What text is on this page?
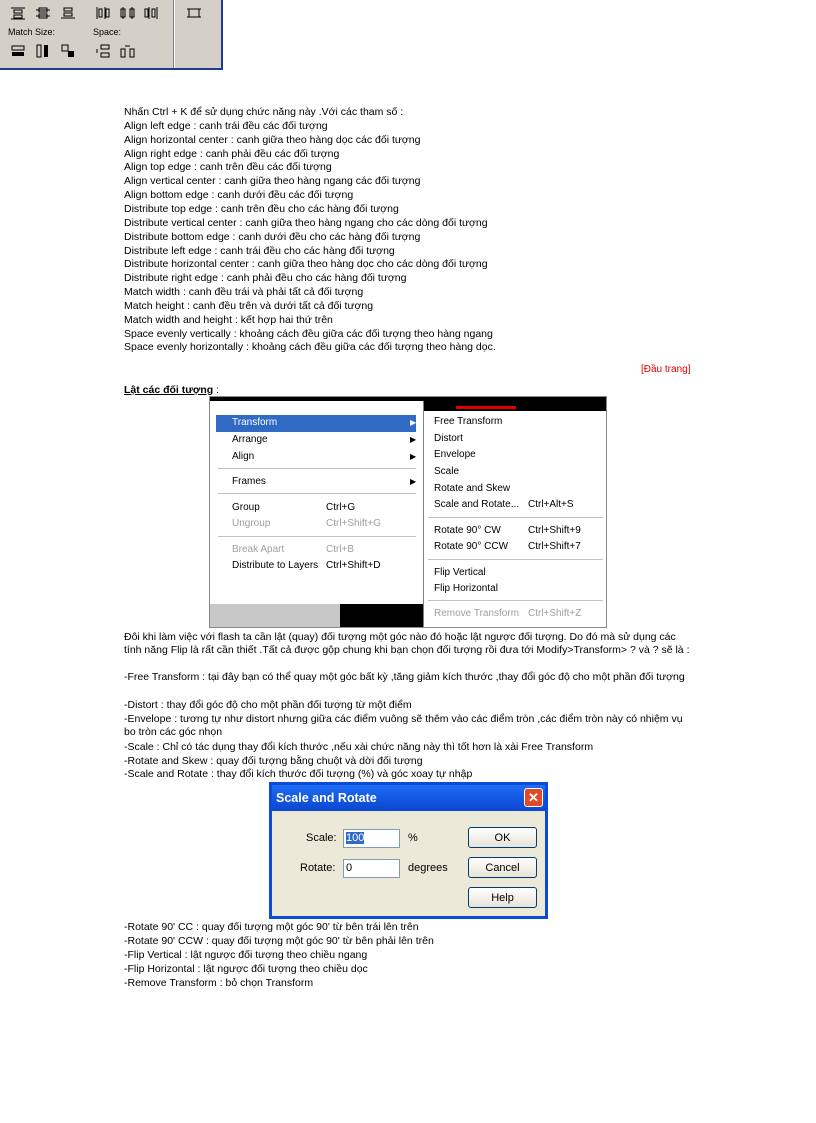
Match Size:	Space:
Nhấn Ctrl + K để sử dụng chức năng này .Với các tham số :
Align left edge : canh trái đều các đối tượng
Align horizontal center : canh giữa theo hàng dọc các đối tượng
Align right edge : canh phải đều các đối tượng
Align top edge : canh trên đều các đối tượng
Align vertical center : canh giữa theo hàng ngang các đối tượng
Align bottom edge : canh dưới đều các đối tượng
Distribute top edge : canh trên đều cho các hàng đối tượng
Distribute vertical center : canh giữa theo hàng ngang cho các dòng đối tượng
Distribute bottom edge : canh dưới đều cho các hàng đối tượng
Distribute left edge : canh trái đều cho các hàng đối tượng
Distribute horizontal center : canh giữa theo hàng dọc cho các dòng đối tượng
Distribute right edge : canh phải đều cho các hàng đối tượng
Match width : canh đều trái và phải tất cả đối tượng
Match height : canh đều trên và dưới tất cả đối tượng
Match width and height : kết hợp hai thứ trên
Space evenly vertically : khoảng cách đều giữa các đối tượng theo hàng ngang
Space evenly horizontally : khoảng cách đều giữa các đối tượng theo hàng dọc.
[Đầu trang]
Lật các đối tượng :
Transform	▶
Arrange	▶
Align	▶
Frames	▶
Group	Ctrl+G
Ungroup	Ctrl+Shift+G
Break Apart	Ctrl+B
Distribute to Layers Ctrl+Shift+D
Free Transform
Distort
Envelope
Scale
Rotate and Skew
Scale and Rotate... Ctrl+Alt+S
Rotate 90° CW	Ctrl+Shift+9
Rotate 90° CCW Ctrl+Shift+7
Flip Vertical
Flip Horizontal
Remove Transform Ctrl+Shift+Z
Đôi khi làm việc với flash ta cần lật (quay) đối tượng một góc nào đó hoặc lật ngược đối tượng. Do đó mà sử dụng các tính năng Flip là rất cần thiết .Tất cả được gộp chung khi bạn chọn đối tượng rồi đưa tới Modify>Transform> ? và ? sẽ là :
-Free Transform : tại đây bạn có thể quay một góc bất kỳ ,tăng giảm kích thước ,thay đổi góc độ cho một phần đối tượng
-Distort : thay đổi góc độ cho một phần đối tượng từ một điểm
-Envelope : tương tự như distort nhưng giữa các điểm vuông sẽ thêm vào các điểm tròn ,các điểm tròn này có nhiệm vụ bo tròn các góc nhọn
-Scale : Chỉ có tác dụng thay đổi kích thước ,nếu xài chức năng này thì tốt hơn là xài Free Transform
-Rotate and Skew : quay đối tượng bằng chuột và dời đối tượng
-Scale and Rotate : thay đổi kích thước đối tượng (%) và góc xoay tự nhập
Scale and Rotate	✕
Scale: 100	%
Rotate: 0	degrees
OK
Cancel
Help
-Rotate 90' CC : quay đối tượng một góc 90' từ bên trái lên trên
-Rotate 90' CCW : quay đối tượng một góc 90' từ bên phải lên trên
-Flip Vertical : lật ngược đối tượng theo chiều ngang
-Flip Horizontal : lật ngược đối tượng theo chiều dọc
-Remove Transform : bỏ chọn Transform
